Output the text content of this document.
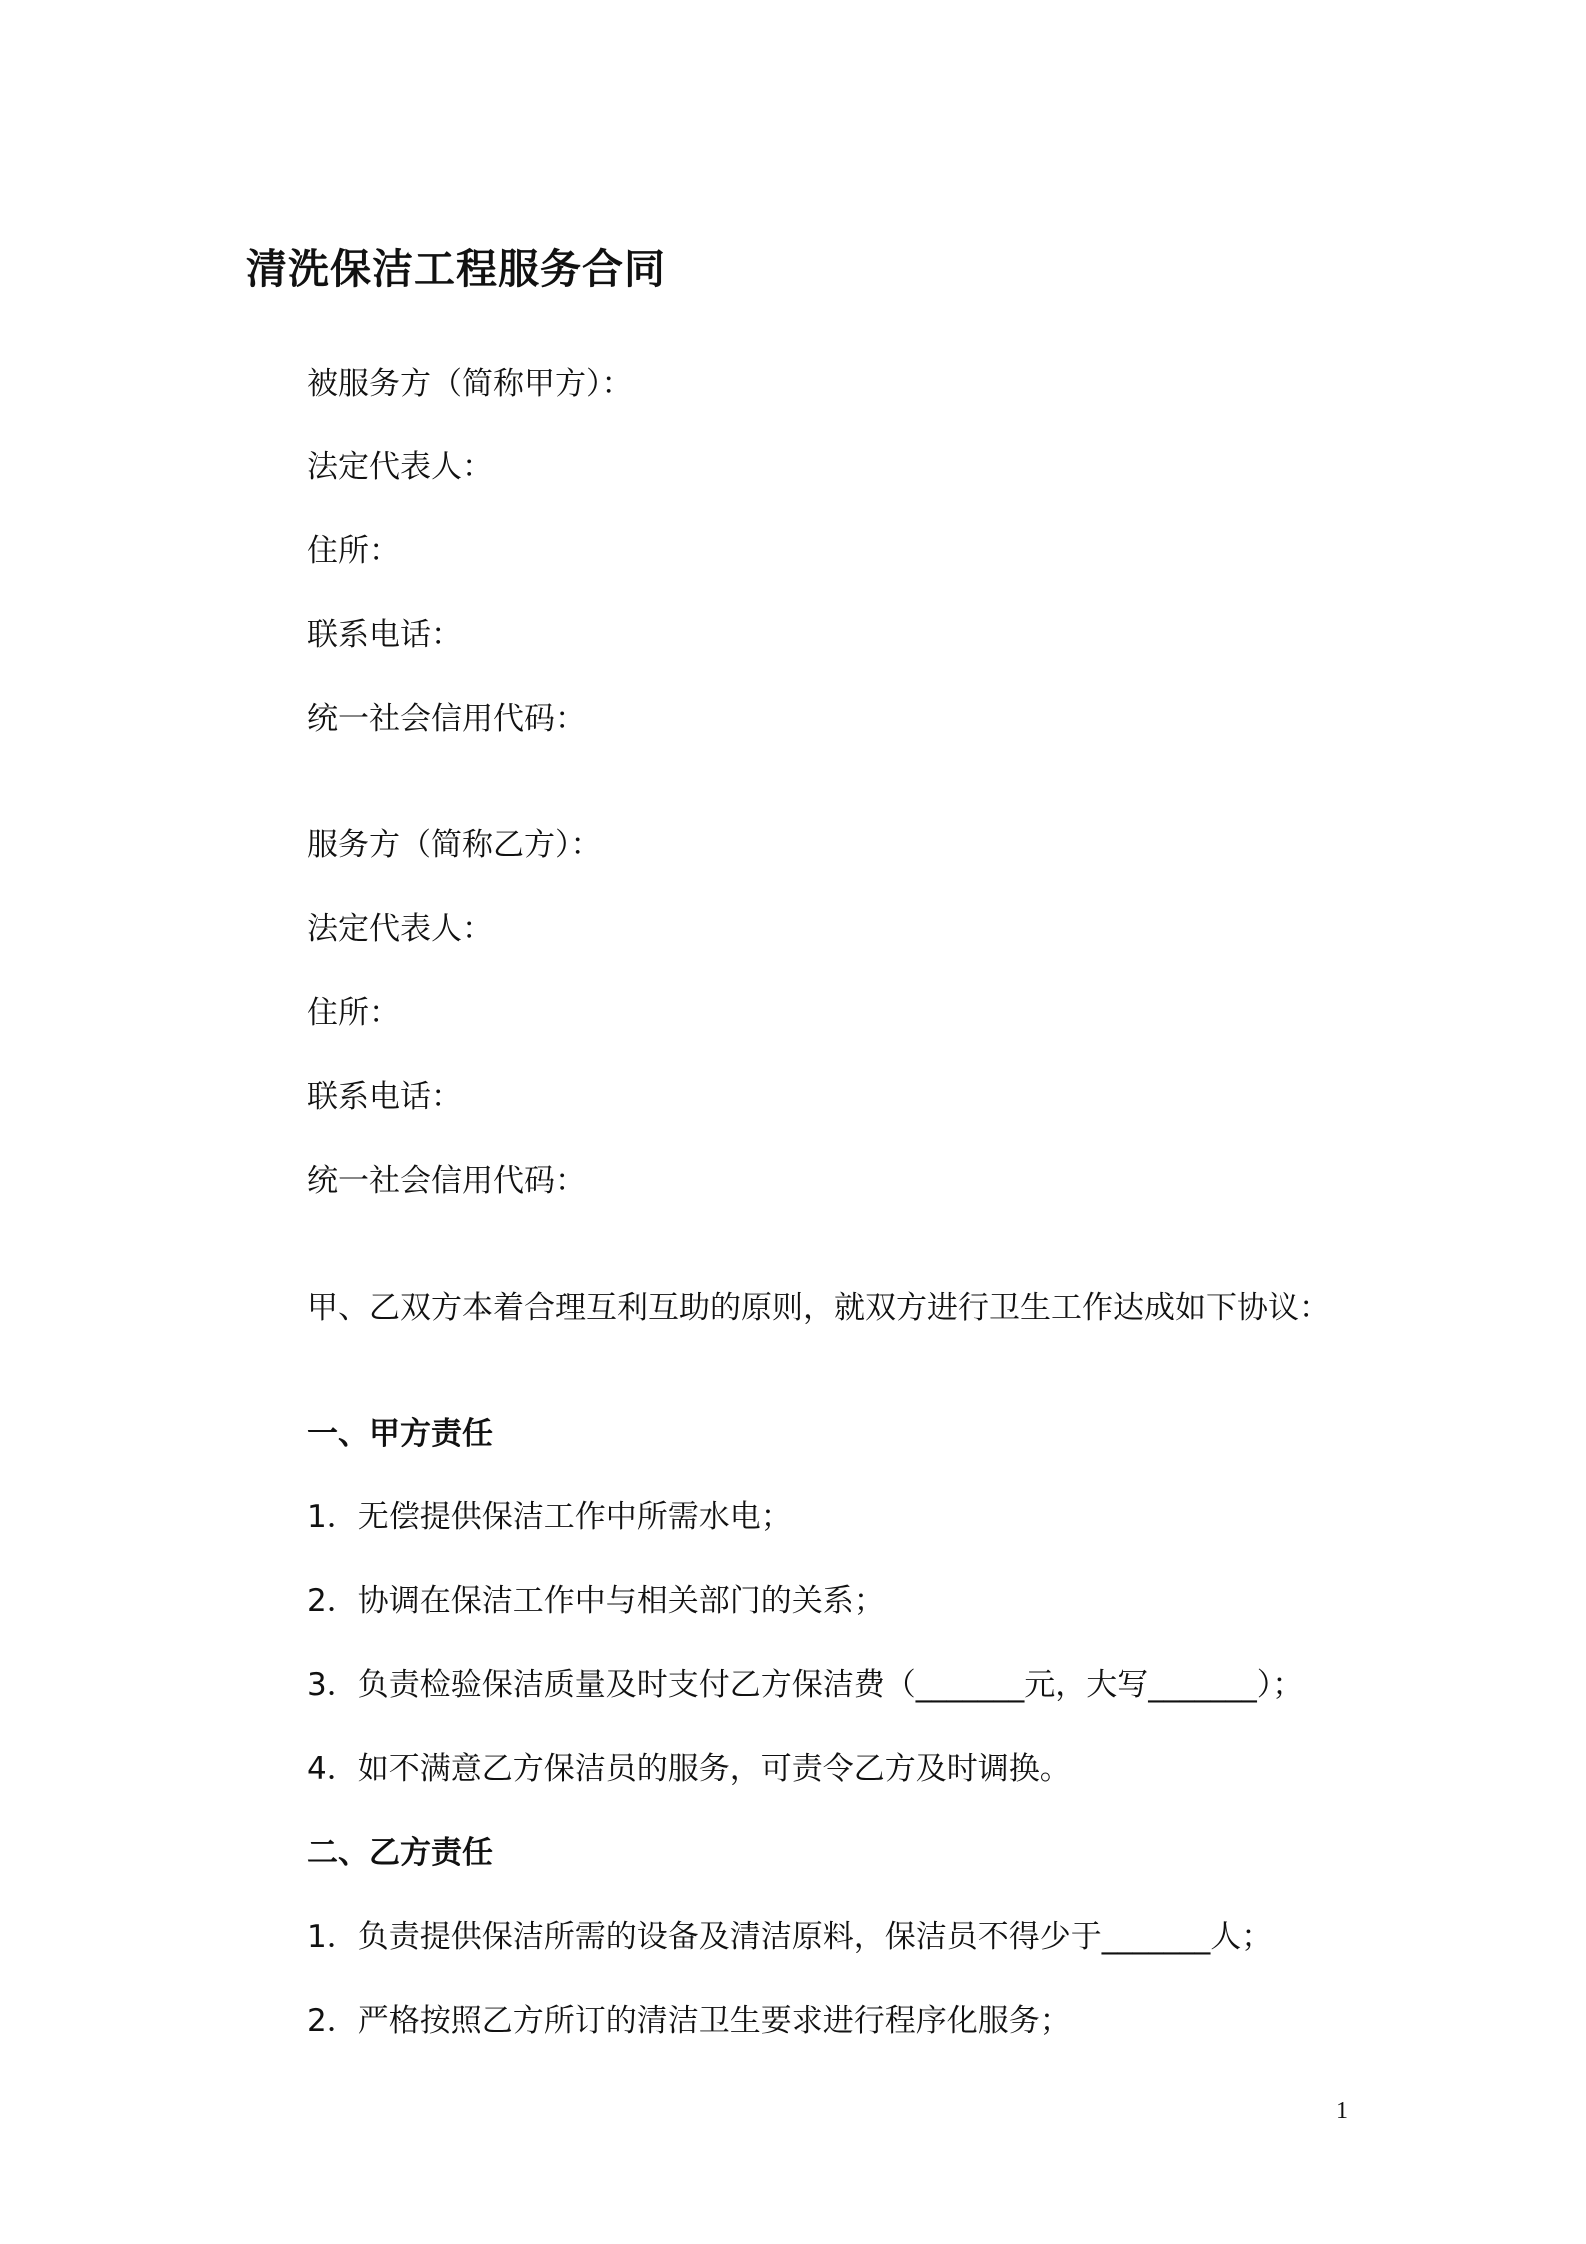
清洗保洁工程服务合同
被服务方（简称甲方）：
法定代表人：
住所：
联系电话：
统一社会信用代码：
服务方（简称乙方）：
法定代表人：
住所：
联系电话：
统一社会信用代码：
甲、乙双方本着合理互利互助的原则，就双方进行卫生工作达成如下协议：
一、甲方责任
1．无偿提供保洁工作中所需水电；
2．协调在保洁工作中与相关部门的关系；
3．负责检验保洁质量及时支付乙方保洁费（_______元，大写_______）；
4．如不满意乙方保洁员的服务，可责令乙方及时调换。
二、乙方责任
1．负责提供保洁所需的设备及清洁原料，保洁员不得少于_______人；
2．严格按照乙方所订的清洁卫生要求进行程序化服务；
1
